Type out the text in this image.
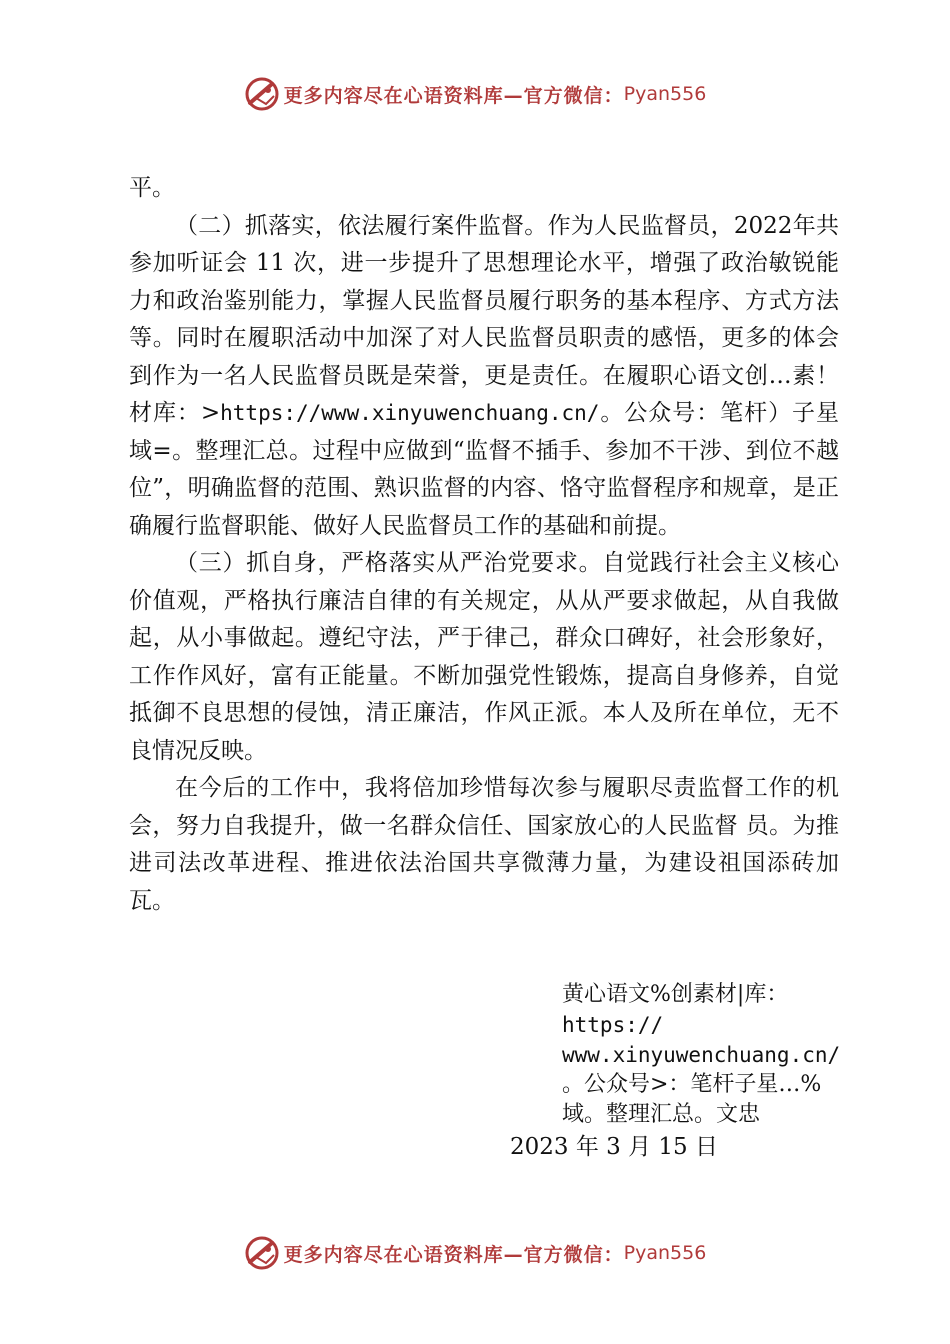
更多内容尽在心语资料库—官方微信： Pyan556

平。

（二）抓落实，依法履行案件监督。作为人民监督员，2022年共参加听证会 11 次，进一步提升了思想理论水平，增强了政治敏锐能力和政治鉴别能力，掌握人民监督员履行职务的基本程序、方式方法等。同时在履职活动中加深了对人民监督员职责的感悟，更多的体会到作为一名人民监督员既是荣誉，更是责任。在履职心语文创…素！材库：>https://www.xinyuwenchuang.cn/。公众号：笔杆）子星域=。整理汇总。过程中应做到“监督不插手、参加不干涉、到位不越位”，明确监督的范围、熟识监督的内容、恪守监督程序和规章，是正确履行监督职能、做好人民监督员工作的基础和前提。

（三）抓自身，严格落实从严治党要求。自觉践行社会主义核心价值观，严格执行廉洁自律的有关规定，从从严要求做起，从自我做起，从小事做起。遵纪守法，严于律己，群众口碑好，社会形象好，工作作风好，富有正能量。不断加强党性锻炼，提高自身修养，自觉抵御不良思想的侵蚀，清正廉洁，作风正派。本人及所在单位，无不良情况反映。

在今后的工作中，我将倍加珍惜每次参与履职尽责监督工作的机会，努力自我提升，做一名群众信任、国家放心的人民监督 员。为推进司法改革进程、推进依法治国共享微薄力量，为建设祖国添砖加瓦。

黄心语文%创素材|库：
https://
www.xinyuwenchuang.cn/
。公众号>：笔杆子星…%
域。整理汇总。文忠
2023 年 3 月 15 日
更多内容尽在心语资料库—官方微信： Pyan556
